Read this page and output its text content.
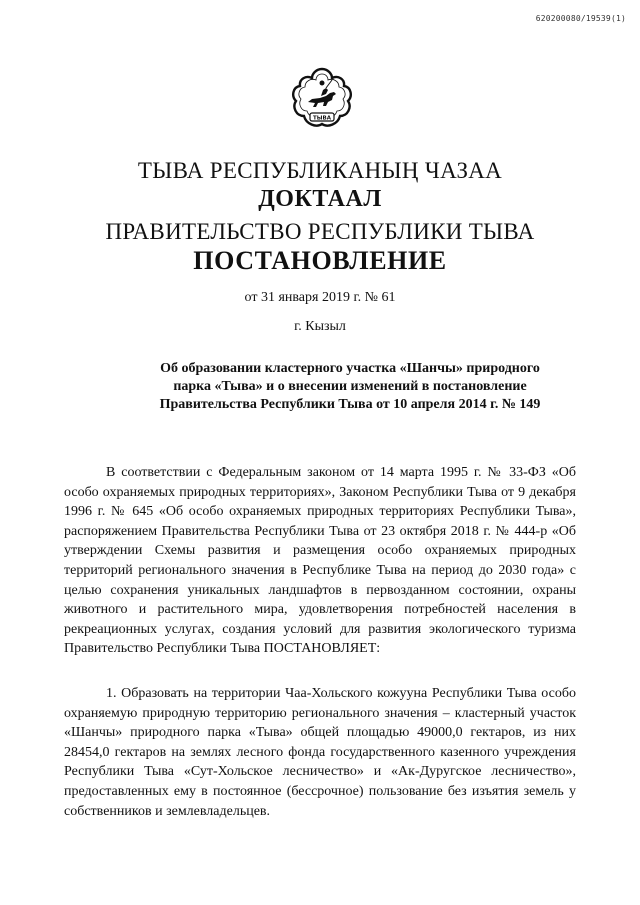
620200080/19539(1)
ТЫВА
ТЫВА РЕСПУБЛИКАНЫҢ ЧАЗАА
ДОКТААЛ
ПРАВИТЕЛЬСТВО РЕСПУБЛИКИ ТЫВА
ПОСТАНОВЛЕНИЕ
от 31 января 2019 г. № 61
г. Кызыл
Об образовании кластерного участка «Шанчы» природного парка «Тыва» и о внесении изменений в постановление Правительства Республики Тыва от 10 апреля 2014 г. № 149

В соответствии с Федеральным законом от 14 марта 1995 г. № 33-ФЗ «Об особо охраняемых природных территориях», Законом Республики Тыва от 9 декабря 1996 г. № 645 «Об особо охраняемых природных территориях Республики Тыва», распоряжением Правительства Республики Тыва от 23 октября 2018 г. № 444-р «Об утверждении Схемы развития и размещения особо охраняемых природных территорий регионального значения в Республике Тыва на период до 2030 года» с целью сохранения уникальных ландшафтов в первозданном состоянии, охраны животного и растительного мира, удовлетворения потребностей населения в рекреационных услугах, создания условий для развития экологического туризма Правительство Республики Тыва ПОСТАНОВЛЯЕТ:

1. Образовать на территории Чаа-Хольского кожууна Республики Тыва особо охраняемую природную территорию регионального значения – кластерный участок «Шанчы» природного парка «Тыва» общей площадью 49000,0 гектаров, из них 28454,0 гектаров на землях лесного фонда государственного казенного учреждения Республики Тыва «Сут-Хольское лесничество» и «Ак-Дуругское лесничество», предоставленных ему в постоянное (бессрочное) пользование без изъятия земель у собственников и землевладельцев.
